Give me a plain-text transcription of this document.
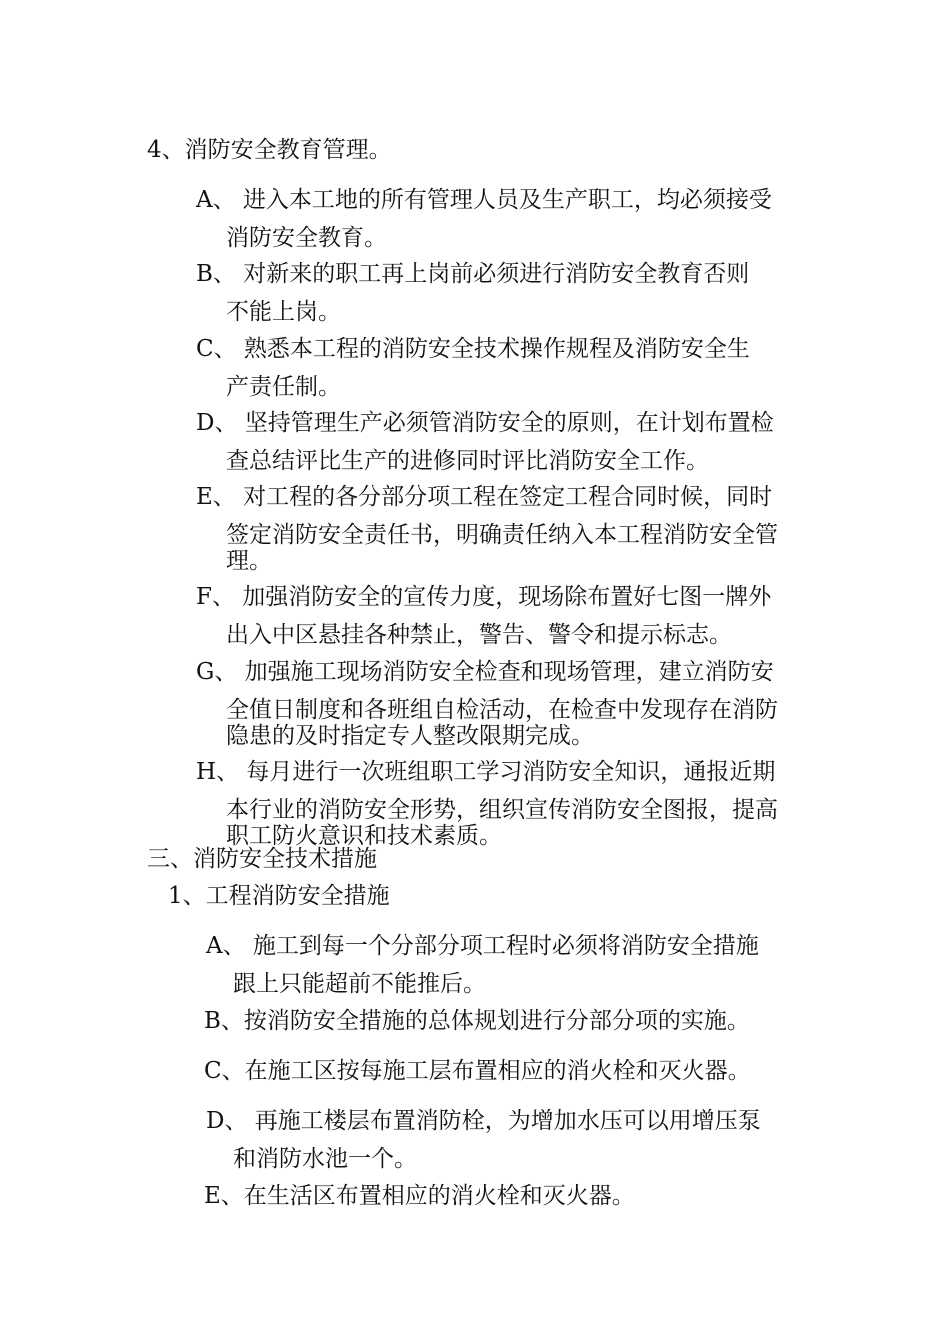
4、消防安全教育管理。
A、 进入本工地的所有管理人员及生产职工，均必须接受
消防安全教育。
B、 对新来的职工再上岗前必须进行消防安全教育否则
不能上岗。
C、 熟悉本工程的消防安全技术操作规程及消防安全生
产责任制。
D、 坚持管理生产必须管消防安全的原则，在计划布置检
查总结评比生产的进修同时评比消防安全工作。
E、 对工程的各分部分项工程在签定工程合同时候，同时
签定消防安全责任书，明确责任纳入本工程消防安全管
理。
F、 加强消防安全的宣传力度，现场除布置好七图一牌外
出入中区悬挂各种禁止，警告、警令和提示标志。
G、 加强施工现场消防安全检查和现场管理，建立消防安
全值日制度和各班组自检活动，在检查中发现存在消防
隐患的及时指定专人整改限期完成。
H、 每月进行一次班组职工学习消防安全知识，通报近期
本行业的消防安全形势，组织宣传消防安全图报，提高
职工防火意识和技术素质。
三、消防安全技术措施
1、工程消防安全措施
A、 施工到每一个分部分项工程时必须将消防安全措施
跟上只能超前不能推后。
B、按消防安全措施的总体规划进行分部分项的实施。
C、在施工区按每施工层布置相应的消火栓和灭火器。
D、 再施工楼层布置消防栓，为增加水压可以用增压泵
和消防水池一个。
E、在生活区布置相应的消火栓和灭火器。
